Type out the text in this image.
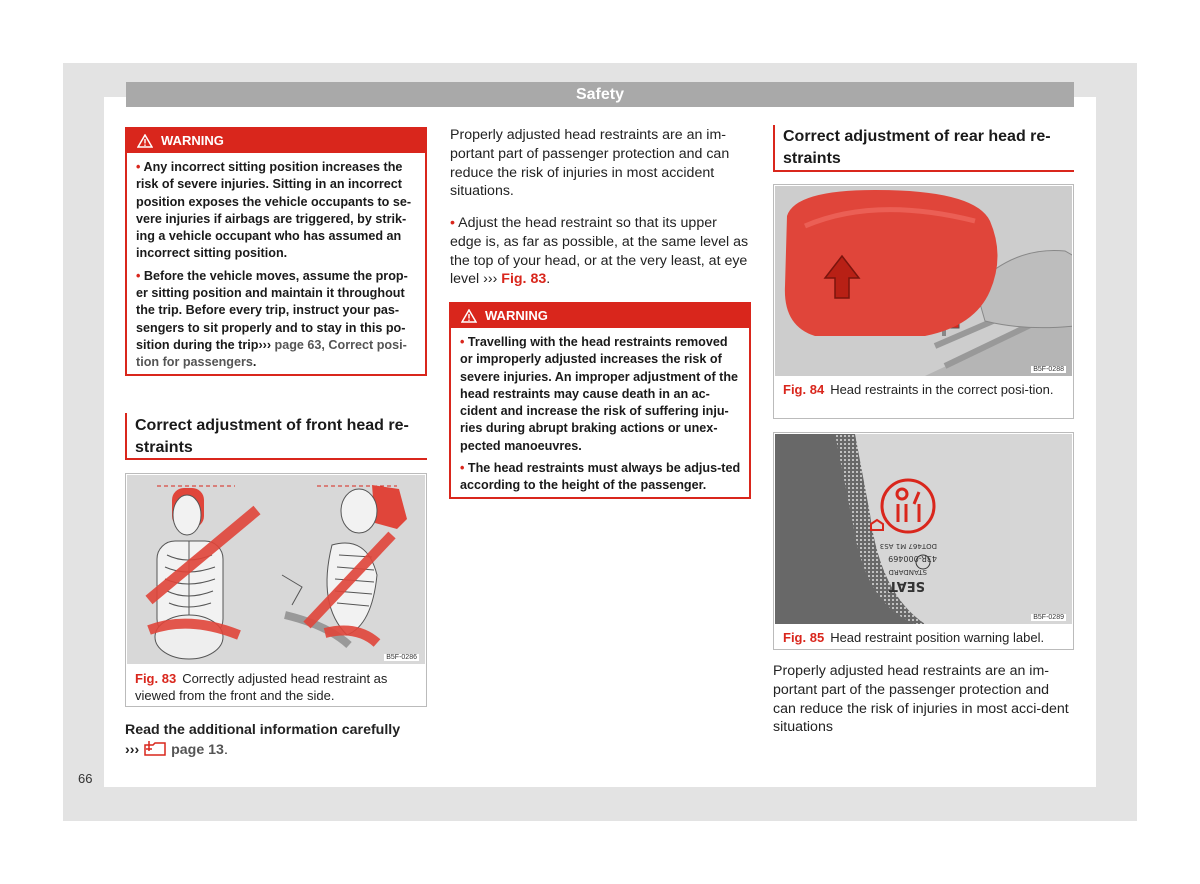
Safety
WARNING

• Any incorrect sitting position increases the risk of severe injuries. Sitting in an incorrect position exposes the vehicle occupants to se-vere injuries if airbags are triggered, by strik-ing a vehicle occupant who has assumed an incorrect sitting position.

• Before the vehicle moves, assume the prop-er sitting position and maintain it throughout the trip. Before every trip, instruct your pas-sengers to sit properly and to stay in this po-sition during the trip››› page 63, Correct posi-tion for passengers.

Correct adjustment of front head re-straints
B5F-0286
Fig. 83 Correctly adjusted head restraint as viewed from the front and the side.

Read the additional information carefully

››› page 13.

Properly adjusted head restraints are an im-portant part of passenger protection and can reduce the risk of injuries in most accident situations.

• Adjust the head restraint so that its upper edge is, as far as possible, at the same level as the top of your head, or at the very least, at eye level ››› Fig. 83.

WARNING

• Travelling with the head restraints removed or improperly adjusted increases the risk of severe injuries. An improper adjustment of the head restraints may cause death in an ac-cident and increase the risk of suffering inju-ries during abrupt braking actions or unex-pected manoeuvres.

• The head restraints must always be adjus-ted according to the height of the passenger.

Correct adjustment of rear head re-straints
B5F-0288
Fig. 84 Head restraints in the correct posi-tion.
SEAT
STANDARD
43R-000469
DOT467 M1 AS3
B5F-0289
Fig. 85 Head restraint position warning label.

Properly adjusted head restraints are an im-portant part of the passenger protection and can reduce the risk of injuries in most acci-dent situations

66
